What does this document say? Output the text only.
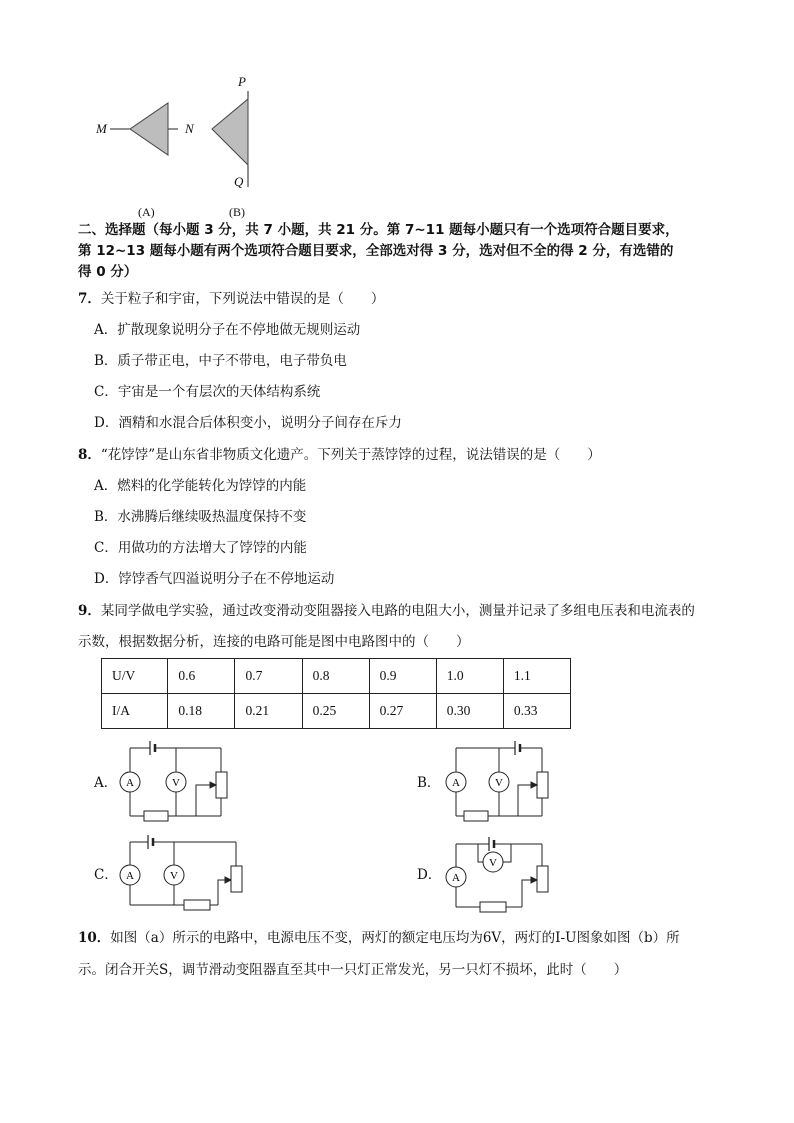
M	N
P
Q
(A)	(B)
二、选择题（每小题 3 分，共 7 小题，共 21 分。第 7~11 题每小题只有一个选项符合题目要求，
第 12~13 题每小题有两个选项符合题目要求，全部选对得 3 分，选对但不全的得 2 分，有选错的
得 0 分）
7．关于粒子和宇宙，下列说法中错误的是（　　）
A．扩散现象说明分子在不停地做无规则运动
B．质子带正电，中子不带电，电子带负电
C．宇宙是一个有层次的天体结构系统
D．酒精和水混合后体积变小，说明分子间存在斥力
8．“花饽饽”是山东省非物质文化遗产。下列关于蒸饽饽的过程，说法错误的是（　　）
A．燃料的化学能转化为饽饽的内能
B．水沸腾后继续吸热温度保持不变
C．用做功的方法增大了饽饽的内能
D．饽饽香气四溢说明分子在不停地运动
9．某同学做电学实验，通过改变滑动变阻器接入电路的电阻大小，测量并记录了多组电压表和电流表的
示数，根据数据分析，连接的电路可能是图中电路图中的（　　）
U/V	0.6	0.7	0.8	0.9	1.0	1.1
I/A	0.18	0.21	0.25	0.27	0.30	0.33
A．	B．
C．	D．
A	V	A	V
A	V	A
V
10．如图（a）所示的电路中，电源电压不变，两灯的额定电压均为6V，两灯的I-U图象如图（b）所
示。闭合开关S，调节滑动变阻器直至其中一只灯正常发光，另一只灯不损坏，此时（　　）
